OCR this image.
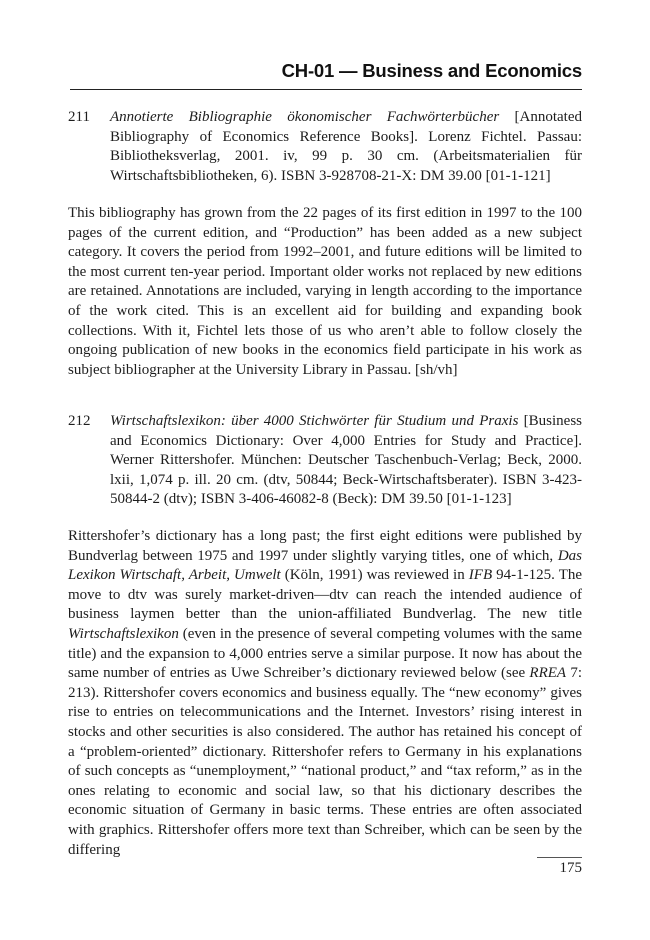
CH-01 — Business and Economics
211	Annotierte Bibliographie ökonomischer Fachwörterbücher [Annotated Bibliography of Economics Reference Books]. Lorenz Fichtel. Passau: Bibliotheksverlag, 2001. iv, 99 p. 30 cm. (Arbeitsmaterialien für Wirtschaftsbibliotheken, 6). ISBN 3-928708-21-X: DM 39.00 [01-1-121]
This bibliography has grown from the 22 pages of its first edition in 1997 to the 100 pages of the current edition, and “Production” has been added as a new subject category. It covers the period from 1992–2001, and future editions will be limited to the most current ten-year period. Important older works not replaced by new editions are retained. Annotations are included, varying in length according to the importance of the work cited. This is an excellent aid for building and expanding book collections. With it, Fichtel lets those of us who aren’t able to follow closely the ongoing publication of new books in the economics field participate in his work as subject bibliographer at the University Library in Passau. [sh/vh]
212	Wirtschaftslexikon: über 4000 Stichwörter für Studium und Praxis [Business and Economics Dictionary: Over 4,000 Entries for Study and Practice]. Werner Rittershofer. München: Deutscher Taschenbuch-Verlag; Beck, 2000. lxii, 1,074 p. ill. 20 cm. (dtv, 50844; Beck-Wirtschaftsberater). ISBN 3-423-50844-2 (dtv); ISBN 3-406-46082-8 (Beck): DM 39.50 [01-1-123]
Rittershofer’s dictionary has a long past; the first eight editions were published by Bundverlag between 1975 and 1997 under slightly varying titles, one of which, Das Lexikon Wirtschaft, Arbeit, Umwelt (Köln, 1991) was reviewed in IFB 94-1-125. The move to dtv was surely market-driven—dtv can reach the intended audience of business laymen better than the union-affiliated Bundverlag. The new title Wirtschaftslexikon (even in the presence of several competing volumes with the same title) and the expansion to 4,000 entries serve a similar purpose. It now has about the same number of entries as Uwe Schreiber’s dictionary reviewed below (see RREA 7: 213). Rittershofer covers economics and business equally. The “new economy” gives rise to entries on telecommunications and the Internet. Investors’ rising interest in stocks and other securities is also considered. The author has retained his concept of a “problem-oriented” dictionary. Rittershofer refers to Germany in his explanations of such concepts as “unemployment,” “national product,” and “tax reform,” as in the ones relating to economic and social law, so that his dictionary describes the economic situation of Germany in basic terms. These entries are often associated with graphics. Rittershofer offers more text than Schreiber, which can be seen by the differing
175
